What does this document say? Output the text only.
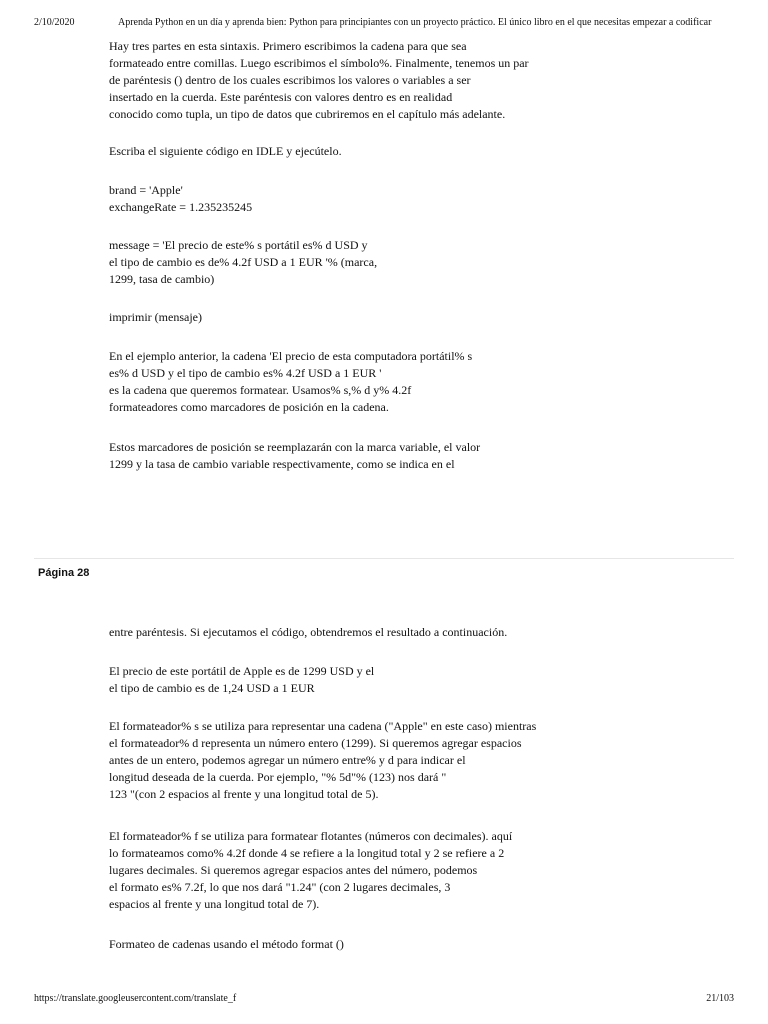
2/10/2020	Aprenda Python en un día y aprenda bien: Python para principiantes con un proyecto práctico. El único libro en el que necesitas empezar a codificar
Hay tres partes en esta sintaxis. Primero escribimos la cadena para que sea
formateado entre comillas. Luego escribimos el símbolo%. Finalmente, tenemos un par
de paréntesis () dentro de los cuales escribimos los valores o variables a ser
insertado en la cuerda. Este paréntesis con valores dentro es en realidad
conocido como tupla, un tipo de datos que cubriremos en el capítulo más adelante.
Escriba el siguiente código en IDLE y ejecútelo.
brand = 'Apple'
exchangeRate = 1.235235245
message = 'El precio de este% s portátil es% d USD y
el tipo de cambio es de% 4.2f USD a 1 EUR '% (marca,
1299, tasa de cambio)
imprimir (mensaje)
En el ejemplo anterior, la cadena 'El precio de esta computadora portátil% s
es% d USD y el tipo de cambio es% 4.2f USD a 1 EUR '
es la cadena que queremos formatear. Usamos% s,% d y% 4.2f
formateadores como marcadores de posición en la cadena.
Estos marcadores de posición se reemplazarán con la marca variable, el valor
1299 y la tasa de cambio variable respectivamente, como se indica en el
Página 28
entre paréntesis. Si ejecutamos el código, obtendremos el resultado a continuación.
El precio de este portátil de Apple es de 1299 USD y el
el tipo de cambio es de 1,24 USD a 1 EUR
El formateador% s se utiliza para representar una cadena ("Apple" en este caso) mientras
el formateador% d representa un número entero (1299). Si queremos agregar espacios
antes de un entero, podemos agregar un número entre% y d para indicar el
longitud deseada de la cuerda. Por ejemplo, "% 5d"% (123) nos dará "
123 "(con 2 espacios al frente y una longitud total de 5).
El formateador% f se utiliza para formatear flotantes (números con decimales). aquí
lo formateamos como% 4.2f donde 4 se refiere a la longitud total y 2 se refiere a 2
lugares decimales. Si queremos agregar espacios antes del número, podemos
el formato es% 7.2f, lo que nos dará "1.24" (con 2 lugares decimales, 3
espacios al frente y una longitud total de 7).
Formateo de cadenas usando el método format ()
https://translate.googleusercontent.com/translate_f	21/103
